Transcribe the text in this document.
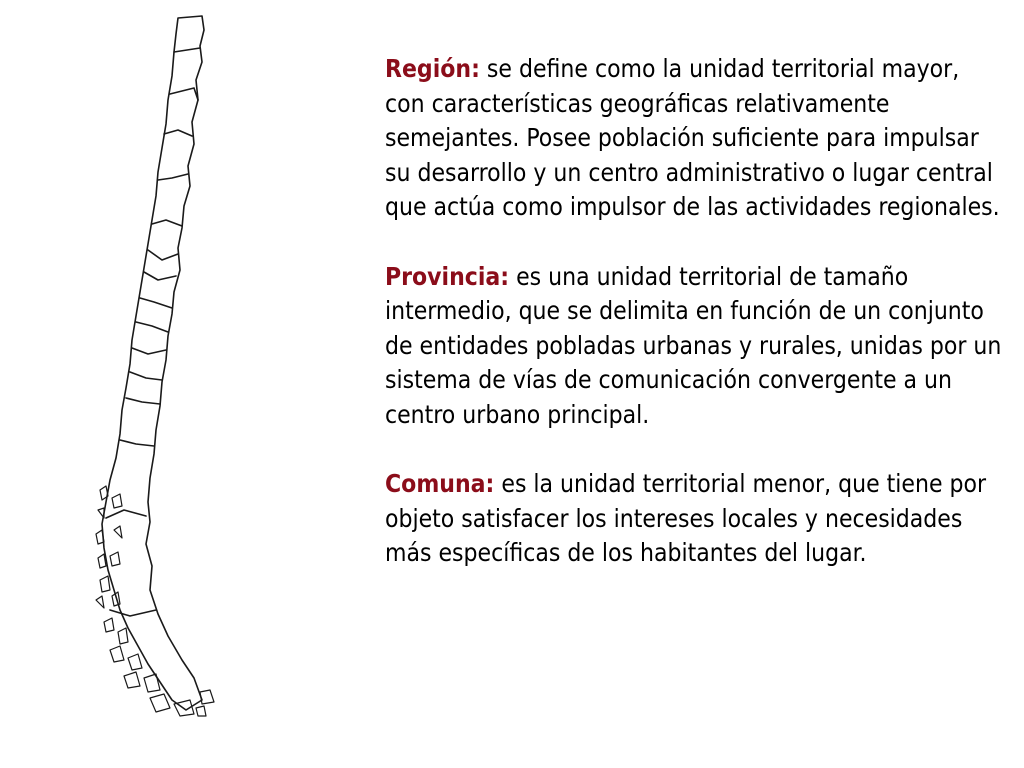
Región: se define como la unidad territorial mayor, con características geográficas relativamente semejantes. Posee población suficiente para impulsar su desarrollo y un centro administrativo o lugar central que actúa como impulsor de las actividades regionales.

Provincia: es una unidad territorial de tamaño intermedio, que se delimita en función de un conjunto de entidades pobladas urbanas y rurales, unidas por un sistema de vías de comunicación convergente a un centro urbano principal.

Comuna: es la unidad territorial menor, que tiene por objeto satisfacer los intereses locales y necesidades más específicas de los habitantes del lugar.
